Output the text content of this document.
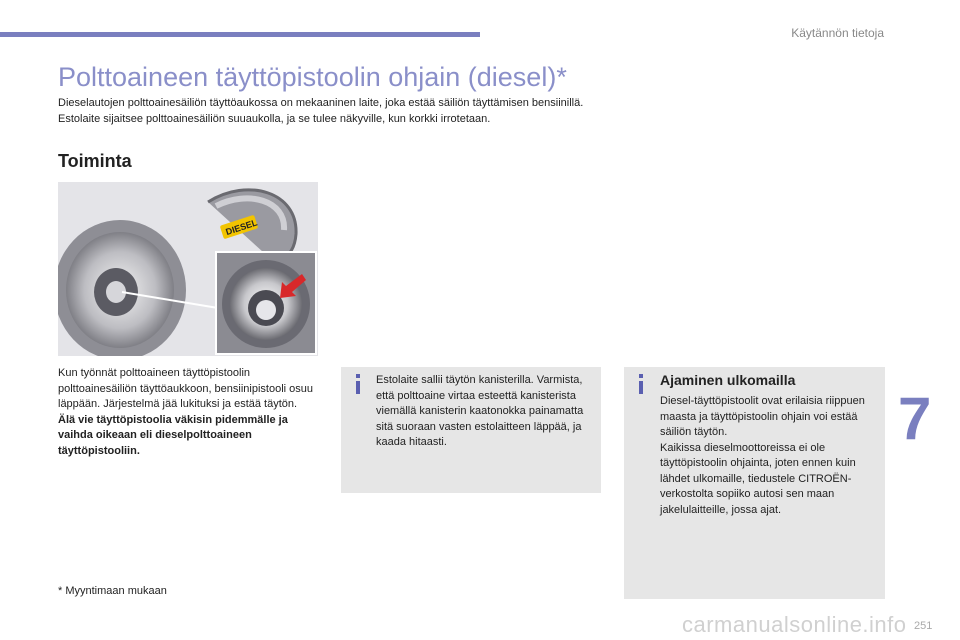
Käytännön tietoja
Polttoaineen täyttöpistoolin ohjain (diesel)*

Dieselautojen polttoainesäiliön täyttöaukossa on mekaaninen laite, joka estää säiliön täyttämisen bensiinillä.

Estolaite sijaitsee polttoainesäiliön suuaukolla, ja se tulee näkyville, kun korkki irrotetaan.

Toiminta
DIESEL

Kun työnnät polttoaineen täyttöpistoolin polttoainesäiliön täyttöaukkoon, bensiinipistooli osuu läppään. Järjestelmä jää lukituksi ja estää täytön.

Älä vie täyttöpistoolia väkisin pidemmälle ja vaihda oikeaan eli dieselpolttoaineen täyttöpistooliin.

Estolaite sallii täytön kanisterilla. Varmista, että polttoaine virtaa esteettä kanisterista viemällä kanisterin kaatonokka painamatta sitä suoraan vasten estolaitteen läppää, ja kaada hitaasti.

Ajaminen ulkomailla

Diesel-täyttöpistoolit ovat erilaisia riippuen maasta ja täyttöpistoolin ohjain voi estää säiliön täytön.

Kaikissa dieselmoottoreissa ei ole täyttöpistoolin ohjainta, joten ennen kuin lähdet ulkomaille, tiedustele CITROËN-verkostolta sopiiko autosi sen maan jakelulaitteille, jossa ajat.

* Myyntimaan mukaan
7
carmanualsonline.info 251
